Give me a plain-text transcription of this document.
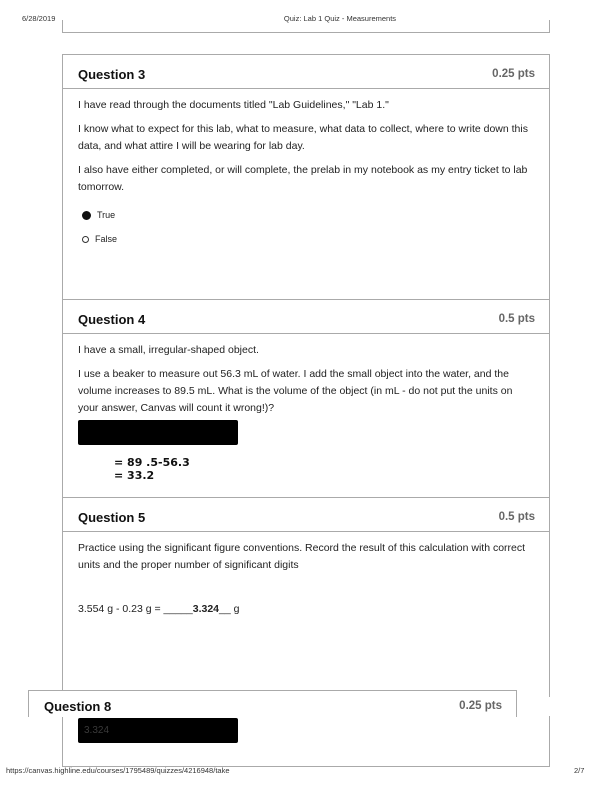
6/28/2019	Quiz: Lab 1 Quiz - Measurements
Question 3	0.25 pts

I have read through the documents titled "Lab Guidelines," "Lab 1."

I know what to expect for this lab, what to measure, what data to collect, where to write down this data, and what attire I will be wearing for lab day.

I also have either completed, or will complete, the prelab in my notebook as my entry ticket to lab tomorrow.

True
False
Question 4	0.5 pts

I have a small, irregular-shaped object.

I use a beaker to measure out 56.3 mL of water. I add the small object into the water, and the volume increases to 89.5 mL. What is the volume of the object (in mL - do not put the units on your answer, Canvas will count it wrong!)?

= 89 .5-56.3
= 33.2
Question 5	0.5 pts

Practice using the significant figure conventions. Record the result of this calculation with correct units and the proper number of significant digits

3.554 g - 0.23 g = _____3.324__ g

3.324
Question 8	0.25 pts
https://canvas.highline.edu/courses/1795489/quizzes/4216948/take	2/7
